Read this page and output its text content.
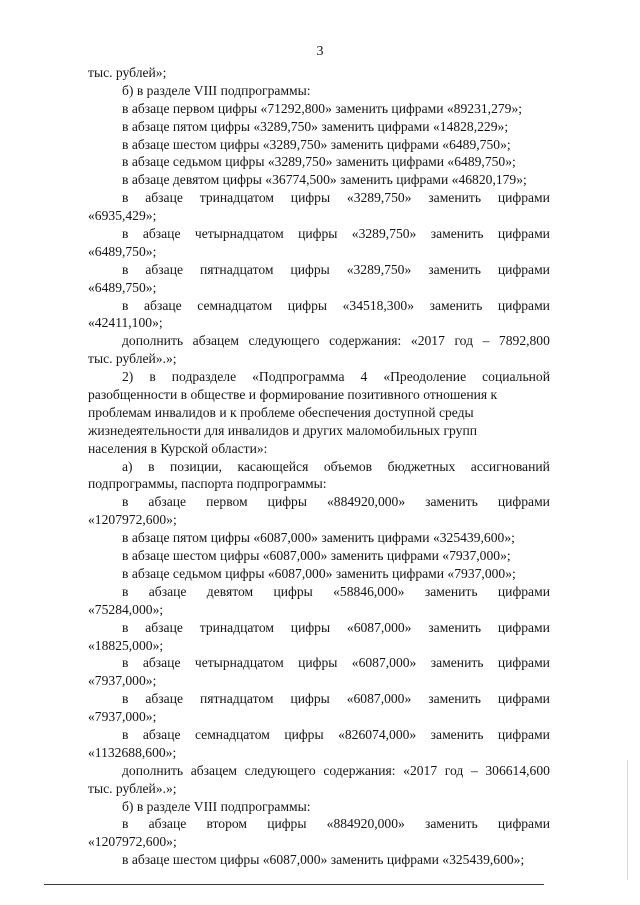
3
тыс. рублей»;
б) в разделе VIII подпрограммы:
в абзаце первом цифры «71292,800» заменить цифрами «89231,279»;
в абзаце пятом цифры «3289,750» заменить цифрами «14828,229»;
в абзаце шестом цифры «3289,750» заменить цифрами «6489,750»;
в абзаце седьмом цифры «3289,750» заменить цифрами «6489,750»;
в абзаце девятом цифры «36774,500» заменить цифрами «46820,179»;
в абзаце тринадцатом цифры «3289,750» заменить цифрами
«6935,429»;
в абзаце четырнадцатом цифры «3289,750» заменить цифрами
«6489,750»;
в абзаце пятнадцатом цифры «3289,750» заменить цифрами
«6489,750»;
в абзаце семнадцатом цифры «34518,300» заменить цифрами
«42411,100»;
дополнить абзацем следующего содержания: «2017 год – 7892,800
тыс. рублей».»;
2) в подразделе «Подпрограмма 4 «Преодоление социальной
разобщенности в обществе и формирование позитивного отношения к
проблемам инвалидов и к проблеме обеспечения доступной среды
жизнедеятельности для инвалидов и других маломобильных групп
населения в Курской области»:
а) в позиции, касающейся объемов бюджетных ассигнований
подпрограммы, паспорта подпрограммы:
в абзаце первом цифры «884920,000» заменить цифрами
«1207972,600»;
в абзаце пятом цифры «6087,000» заменить цифрами «325439,600»;
в абзаце шестом цифры «6087,000» заменить цифрами «7937,000»;
в абзаце седьмом цифры «6087,000» заменить цифрами «7937,000»;
в абзаце девятом цифры «58846,000» заменить цифрами
«75284,000»;
в абзаце тринадцатом цифры «6087,000» заменить цифрами
«18825,000»;
в абзаце четырнадцатом цифры «6087,000» заменить цифрами
«7937,000»;
в абзаце пятнадцатом цифры «6087,000» заменить цифрами
«7937,000»;
в абзаце семнадцатом цифры «826074,000» заменить цифрами
«1132688,600»;
дополнить абзацем следующего содержания: «2017 год – 306614,600
тыс. рублей».»;
б) в разделе VIII подпрограммы:
в абзаце втором цифры «884920,000» заменить цифрами
«1207972,600»;
в абзаце шестом цифры «6087,000» заменить цифрами «325439,600»;
